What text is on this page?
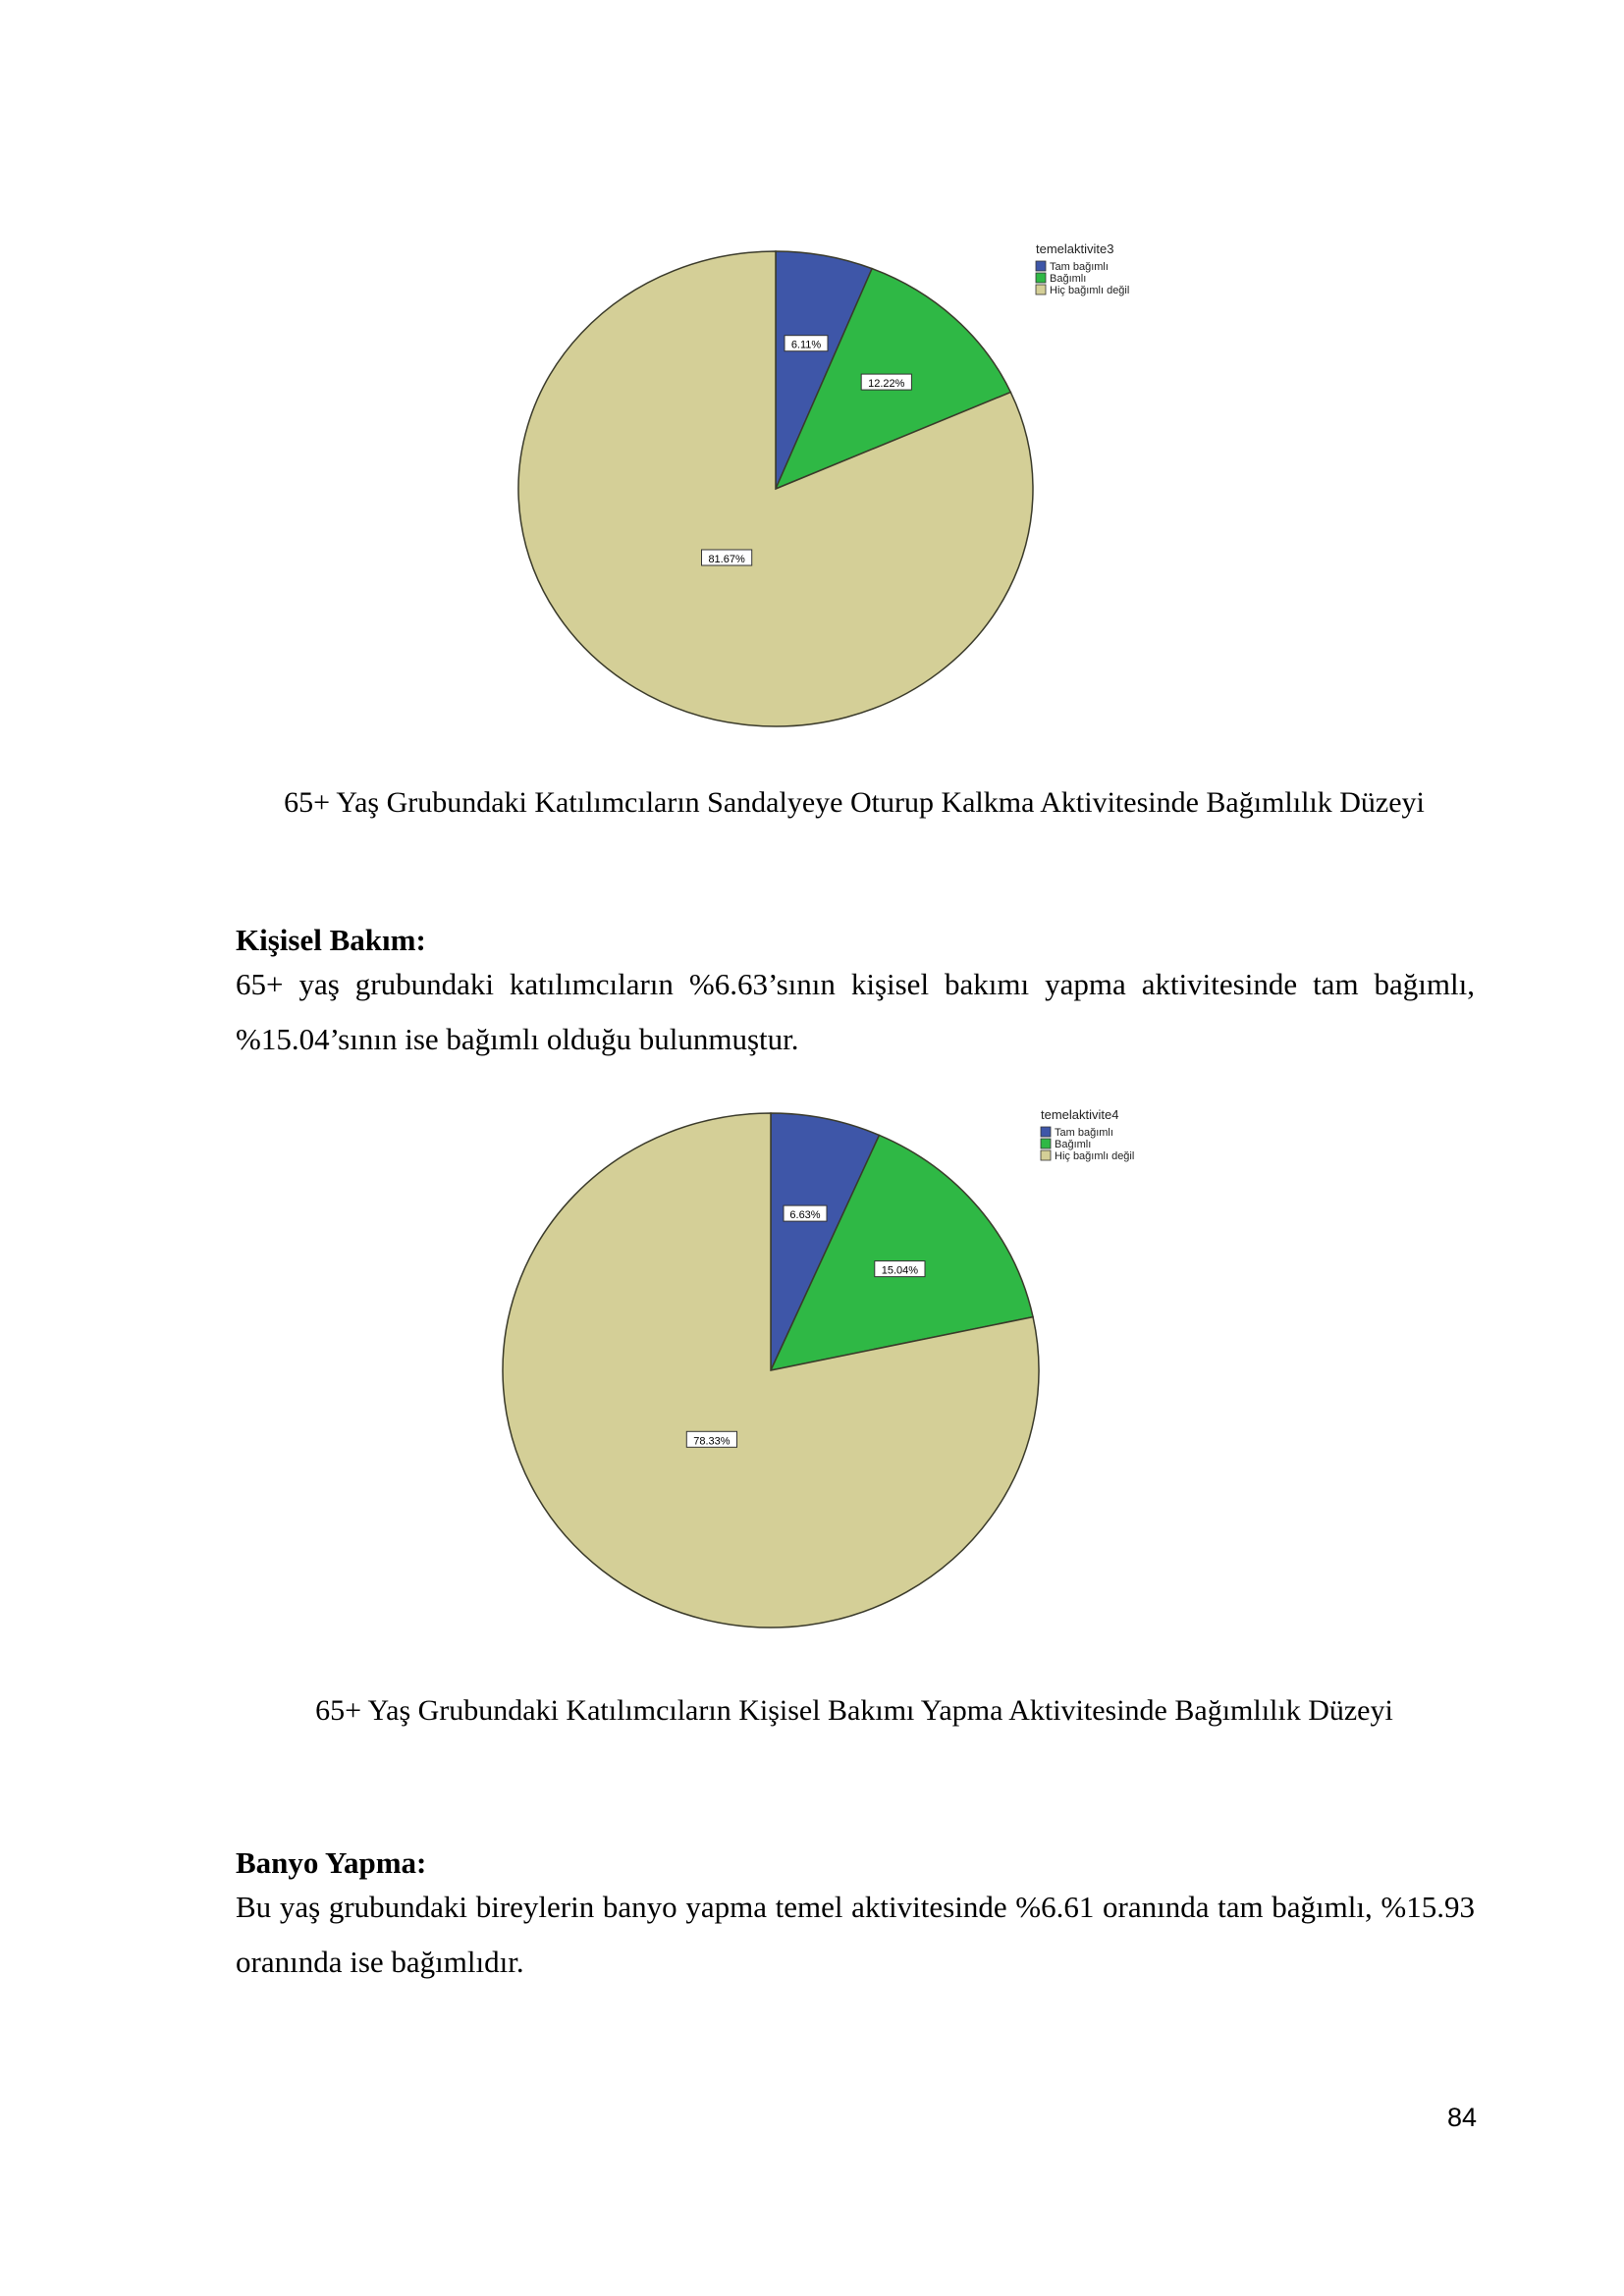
6.11%
12.22%
81.67%
temelaktivite3
Tam bağımlı
Bağımlı
Hiç bağımlı değil

65+ Yaş Grubundaki Katılımcıların Sandalyeye Oturup Kalkma Aktivitesinde Bağımlılık Düzeyi

Kişisel Bakım:

65+ yaş grubundaki katılımcıların %6.63’sının kişisel bakımı yapma aktivitesinde tam bağımlı, %15.04’sının ise bağımlı olduğu bulunmuştur.

6.63%
15.04%
78.33%
temelaktivite4
Tam bağımlı
Bağımlı
Hiç bağımlı değil

65+ Yaş Grubundaki Katılımcıların Kişisel Bakımı Yapma Aktivitesinde Bağımlılık Düzeyi

Banyo Yapma:

Bu yaş grubundaki bireylerin banyo yapma temel aktivitesinde %6.61 oranında tam bağımlı, %15.93 oranında ise bağımlıdır.

84
